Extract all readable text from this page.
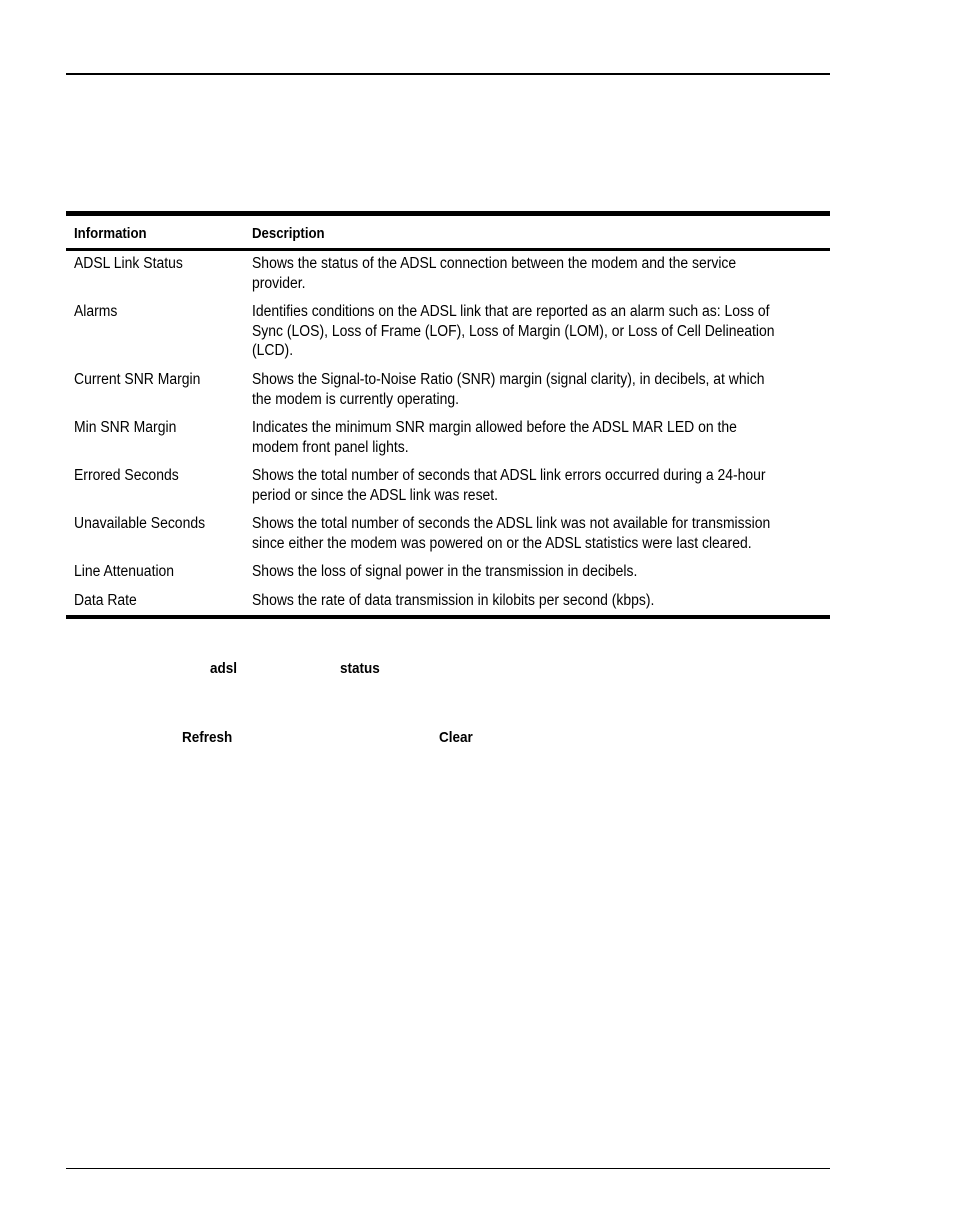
Information	Description
ADSL Link Status	Shows the status of the ADSL connection between the modem and the service
provider.
Alarms	Identifies conditions on the ADSL link that are reported as an alarm such as: Loss of
Sync (LOS), Loss of Frame (LOF), Loss of Margin (LOM), or Loss of Cell Delineation
(LCD).
Current SNR Margin	Shows the Signal-to-Noise Ratio (SNR) margin (signal clarity), in decibels, at which
the modem is currently operating.
Min SNR Margin	Indicates the minimum SNR margin allowed before the ADSL MAR LED on the
modem front panel lights.
Errored Seconds	Shows the total number of seconds that ADSL link errors occurred during a 24-hour
period or since the ADSL link was reset.
Unavailable Seconds	Shows the total number of seconds the ADSL link was not available for transmission
since either the modem was powered on or the ADSL statistics were last cleared.
Line Attenuation	Shows the loss of signal power in the transmission in decibels.
Data Rate	Shows the rate of data transmission in kilobits per second (kbps).
adsl	status
Refresh	Clear
